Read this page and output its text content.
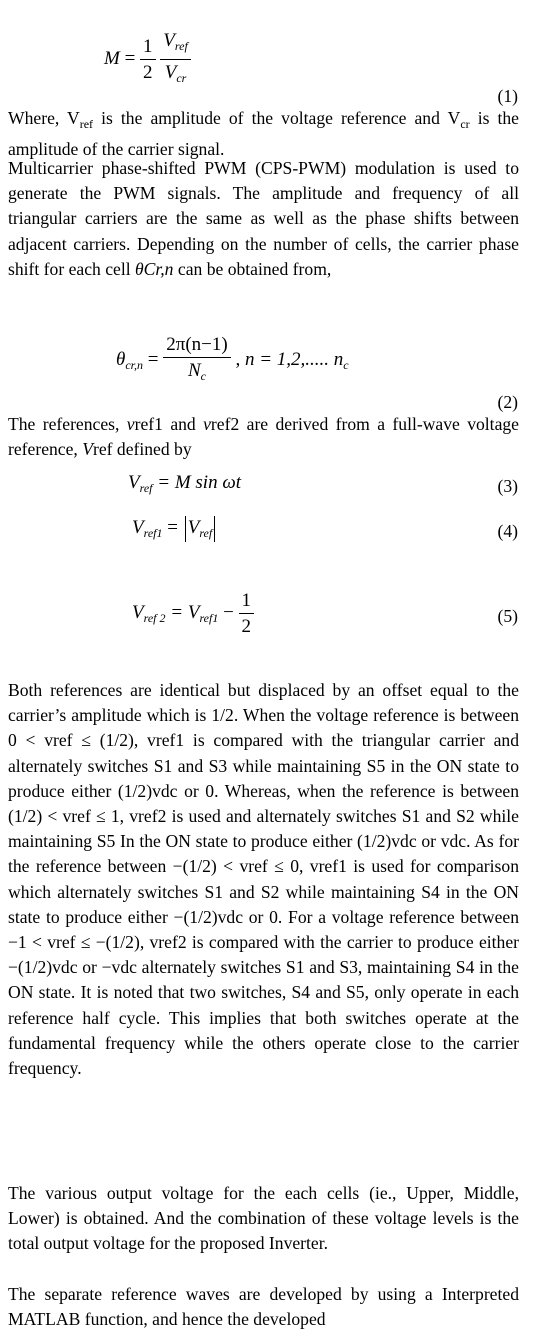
$M = \frac{1}{2}$
$\frac{V_{ref}}{V_{cr}}$
(1)

Where, $V_{ref}$ is the amplitude of the voltage reference and $V_{cr}$ is the amplitude of the carrier signal.

Multicarrier phase-shifted PWM (CPS-PWM) modulation is used to generate the PWM signals. The amplitude and frequency of all triangular carriers are the same as well as the phase shifts between adjacent carriers. Depending on the number of cells, the carrier phase shift for each cell θCr,n can be obtained from,

$\theta_{cr,n} = \frac{2\pi(n-1)}{N_c}$ , n = 1,2,..... $n_c$
(2)

The references, vref1 and vref2 are derived from a full-wave voltage reference, Vref defined by

$V_{ref} = M$ sin ωt	(3)
$V_{ref1} = V_{ref}$	(4)
$V_{ref 2} = V_{ref1} - \frac{1}{2}$	(5)

Both references are identical but displaced by an offset equal to the carrier’s amplitude which is 1/2. When the voltage reference is between 0 < vref ≤ (1/2), vref1 is compared with the triangular carrier and alternately switches S1 and S3 while maintaining S5 in the ON state to produce either (1/2)vdc or 0. Whereas, when the reference is between (1/2) < vref ≤ 1, vref2 is used and alternately switches S1 and S2 while maintaining S5 In the ON state to produce either (1/2)vdc or vdc. As for the reference between −(1/2) < vref ≤ 0, vref1 is used for comparison which alternately switches S1 and S2 while maintaining S4 in the ON state to produce either −(1/2)vdc or 0. For a voltage reference between −1 < vref ≤ −(1/2), vref2 is compared with the carrier to produce either −(1/2)vdc or −vdc alternately switches S1 and S3, maintaining S4 in the ON state. It is noted that two switches, S4 and S5, only operate in each reference half cycle. This implies that both switches operate at the fundamental frequency while the others operate close to the carrier frequency.

The various output voltage for the each cells (ie., Upper, Middle, Lower) is obtained. And the combination of these voltage levels is the total output voltage for the proposed Inverter.

The separate reference waves are developed by using a Interpreted MATLAB function, and hence the developed
